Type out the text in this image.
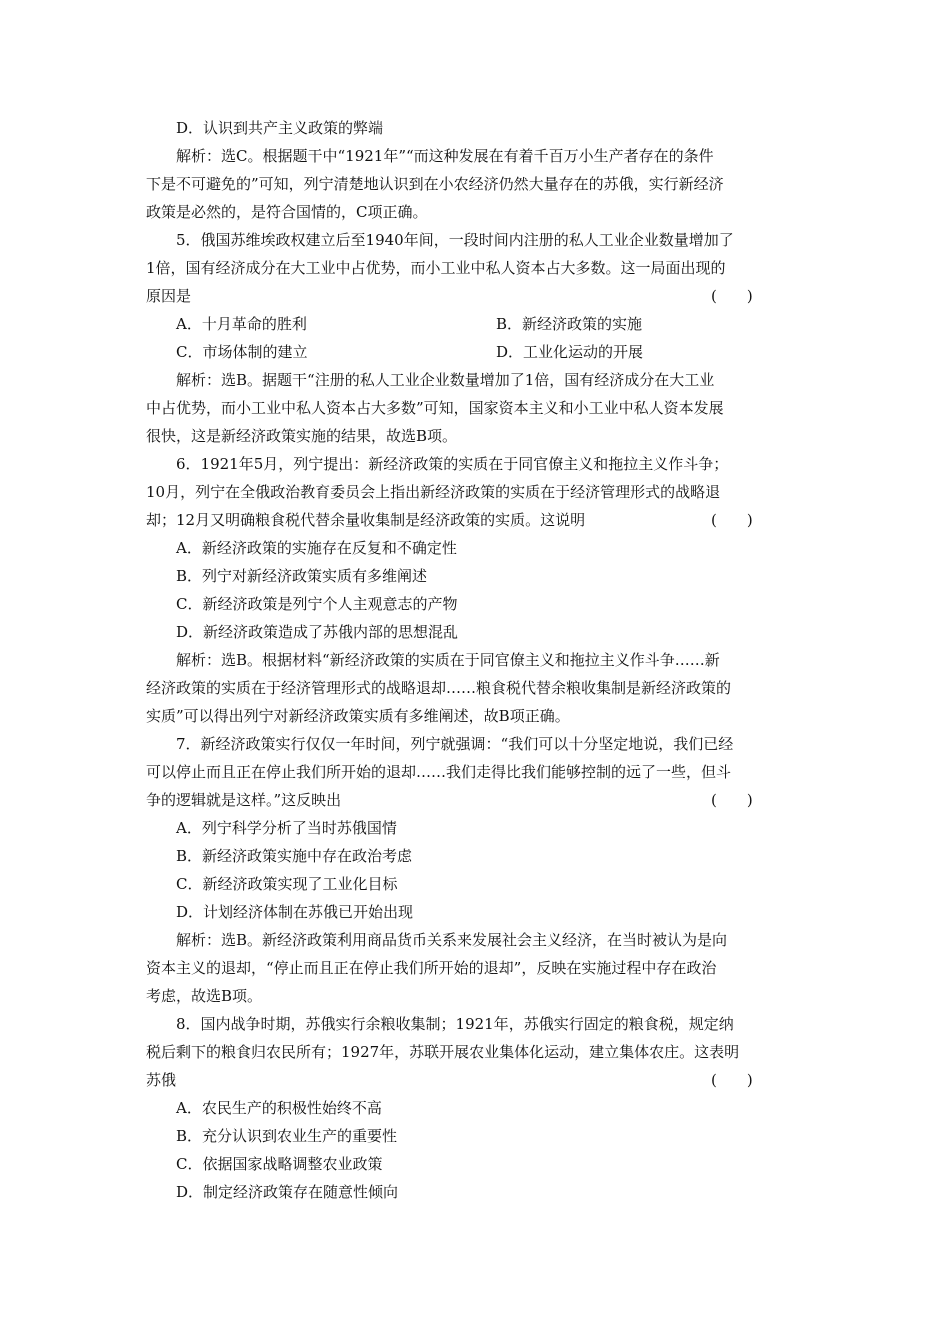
D．认识到共产主义政策的弊端
解析：选C。根据题干中“1921年”“而这种发展在有着千百万小生产者存在的条件
下是不可避免的”可知，列宁清楚地认识到在小农经济仍然大量存在的苏俄，实行新经济
政策是必然的，是符合国情的，C项正确。
5．俄国苏维埃政权建立后至1940年间，一段时间内注册的私人工业企业数量增加了
1倍，国有经济成分在大工业中占优势，而小工业中私人资本占大多数。这一局面出现的
原因是	(　　)
A．十月革命的胜利	B．新经济政策的实施
C．市场体制的建立	D．工业化运动的开展
解析：选B。据题干“注册的私人工业企业数量增加了1倍，国有经济成分在大工业
中占优势，而小工业中私人资本占大多数”可知，国家资本主义和小工业中私人资本发展
很快，这是新经济政策实施的结果，故选B项。
6．1921年5月，列宁提出：新经济政策的实质在于同官僚主义和拖拉主义作斗争；
10月，列宁在全俄政治教育委员会上指出新经济政策的实质在于经济管理形式的战略退
却；12月又明确粮食税代替余量收集制是经济政策的实质。这说明	(　　)
A．新经济政策的实施存在反复和不确定性
B．列宁对新经济政策实质有多维阐述
C．新经济政策是列宁个人主观意志的产物
D．新经济政策造成了苏俄内部的思想混乱
解析：选B。根据材料“新经济政策的实质在于同官僚主义和拖拉主义作斗争……新
经济政策的实质在于经济管理形式的战略退却……粮食税代替余粮收集制是新经济政策的
实质”可以得出列宁对新经济政策实质有多维阐述，故B项正确。
7．新经济政策实行仅仅一年时间，列宁就强调：“我们可以十分坚定地说，我们已经
可以停止而且正在停止我们所开始的退却……我们走得比我们能够控制的远了一些，但斗
争的逻辑就是这样。”这反映出	(　　)
A．列宁科学分析了当时苏俄国情
B．新经济政策实施中存在政治考虑
C．新经济政策实现了工业化目标
D．计划经济体制在苏俄已开始出现
解析：选B。新经济政策利用商品货币关系来发展社会主义经济，在当时被认为是向
资本主义的退却，“停止而且正在停止我们所开始的退却”，反映在实施过程中存在政治
考虑，故选B项。
8．国内战争时期，苏俄实行余粮收集制；1921年，苏俄实行固定的粮食税，规定纳
税后剩下的粮食归农民所有；1927年，苏联开展农业集体化运动，建立集体农庄。这表明
苏俄	(　　)
A．农民生产的积极性始终不高
B．充分认识到农业生产的重要性
C．依据国家战略调整农业政策
D．制定经济政策存在随意性倾向
